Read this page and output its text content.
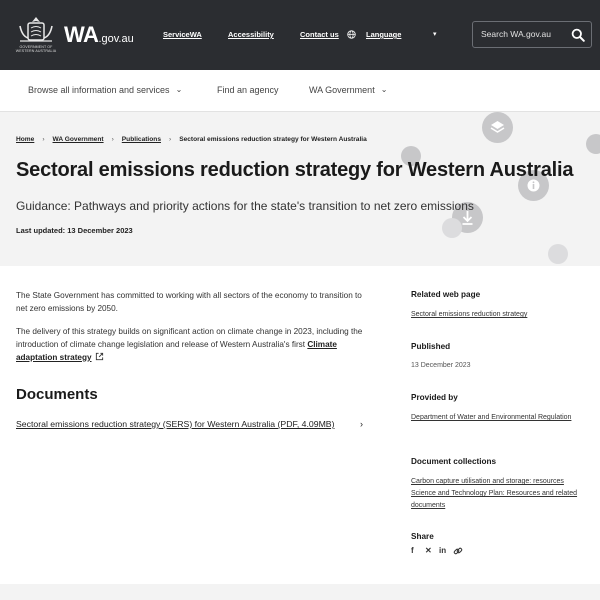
GOVERNMENT OF WESTERN AUSTRALIA
WA.gov.au	ServiceWA	Accessibility	Contact us	Language	▾
Search WA.gov.au
Browse all information and services ⌄	Find an agency	WA Government ⌄
Home › WA Government › Publications › Sectoral emissions reduction strategy for Western Australia
Sectoral emissions reduction strategy for Western Australia
Guidance: Pathways and priority actions for the state's transition to net zero emissions
Last updated: 13 December 2023

The State Government has committed to working with all sectors of the economy to transition to net zero emissions by 2050.

The delivery of this strategy builds on significant action on climate change in 2023, including the introduction of climate change legislation and release of Western Australia's first Climate adaptation strategy

Documents
Sectoral emissions reduction strategy (SERS) for Western Australia (PDF, 4.09MB)	›
Related web page
Sectoral emissions reduction strategy
Published
13 December 2023
Provided by
Department of Water and Environmental Regulation
Document collections
Carbon capture utilisation and storage: resources
Science and Technology Plan: Resources and related documents
Share
f	✕ in
